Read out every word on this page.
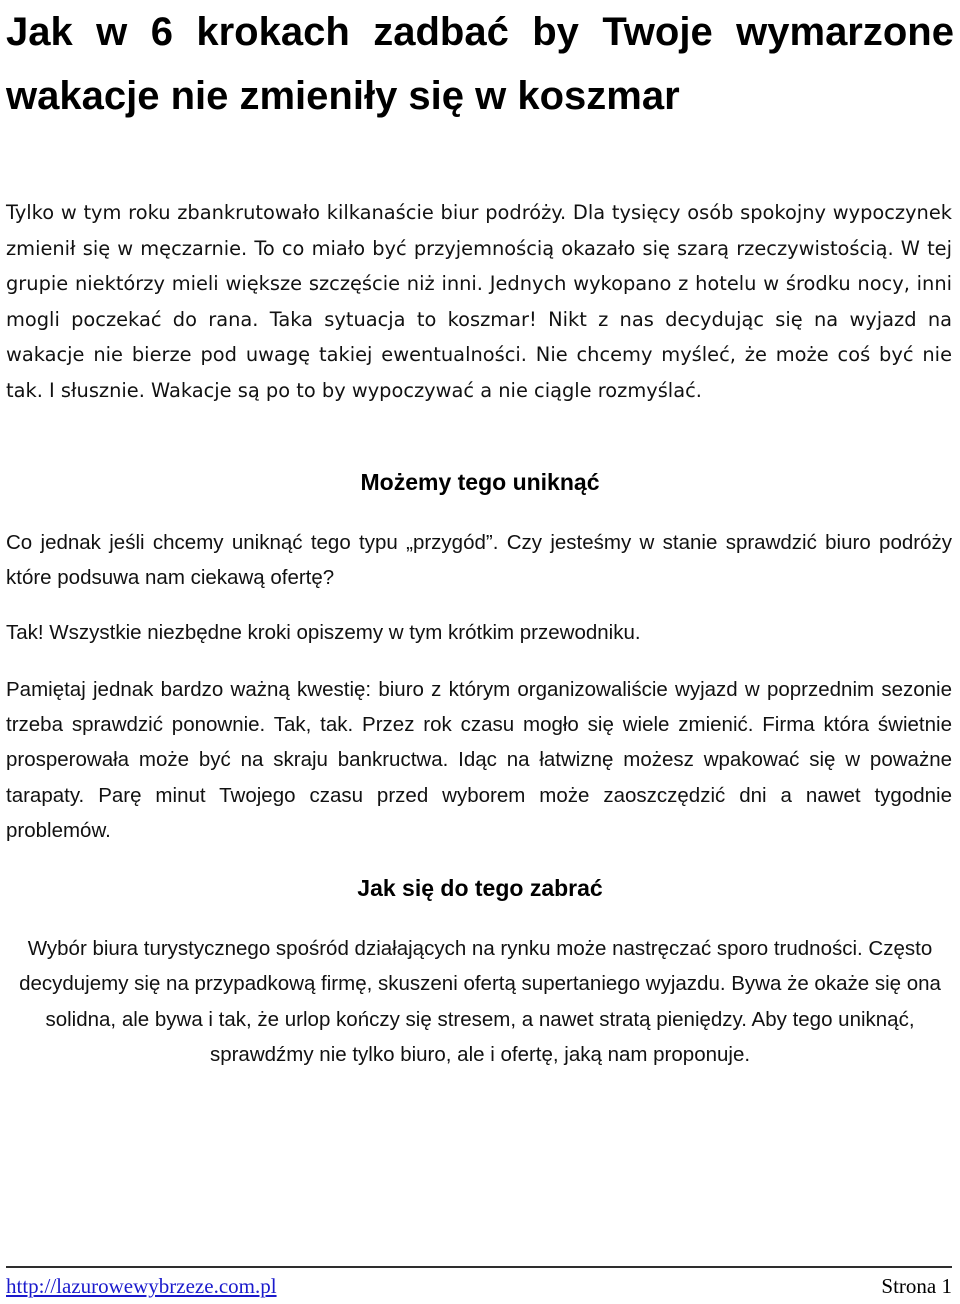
Jak w 6 krokach zadbać by Twoje wymarzone wakacje nie zmieniły się w koszmar

Tylko w tym roku zbankrutowało kilkanaście biur podróży. Dla tysięcy osób spokojny wypoczynek zmienił się w męczarnie. To co miało być przyjemnością okazało się szarą rzeczywistością. W tej grupie niektórzy mieli większe szczęście niż inni. Jednych wykopano z hotelu w środku nocy, inni mogli poczekać do rana. Taka sytuacja to koszmar! Nikt z nas decydując się na wyjazd na wakacje nie bierze pod uwagę takiej ewentualności. Nie chcemy myśleć, że może coś być nie tak. I słusznie. Wakacje są po to by wypoczywać a nie ciągle rozmyślać.

Możemy tego uniknąć

Co jednak jeśli chcemy uniknąć tego typu „przygód”. Czy jesteśmy w stanie sprawdzić biuro podróży które podsuwa nam ciekawą ofertę?

Tak! Wszystkie niezbędne kroki opiszemy w tym krótkim przewodniku.

Pamiętaj jednak bardzo ważną kwestię: biuro z którym organizowaliście wyjazd w poprzednim sezonie trzeba sprawdzić ponownie. Tak, tak. Przez rok czasu mogło się wiele zmienić. Firma która świetnie prosperowała może być na skraju bankructwa. Idąc na łatwiznę możesz wpakować się w poważne tarapaty. Parę minut Twojego czasu przed wyborem może zaoszczędzić dni a nawet tygodnie problemów.

Jak się do tego zabrać

Wybór biura turystycznego spośród działających na rynku może nastręczać sporo trudności. Często decydujemy się na przypadkową firmę, skuszeni ofertą supertaniego wyjazdu. Bywa że okaże się ona solidna, ale bywa i tak, że urlop kończy się stresem, a nawet stratą pieniędzy. Aby tego uniknąć, sprawdźmy nie tylko biuro, ale i ofertę, jaką nam proponuje.

http://lazurowewybrzeze.com.pl	Strona 1
